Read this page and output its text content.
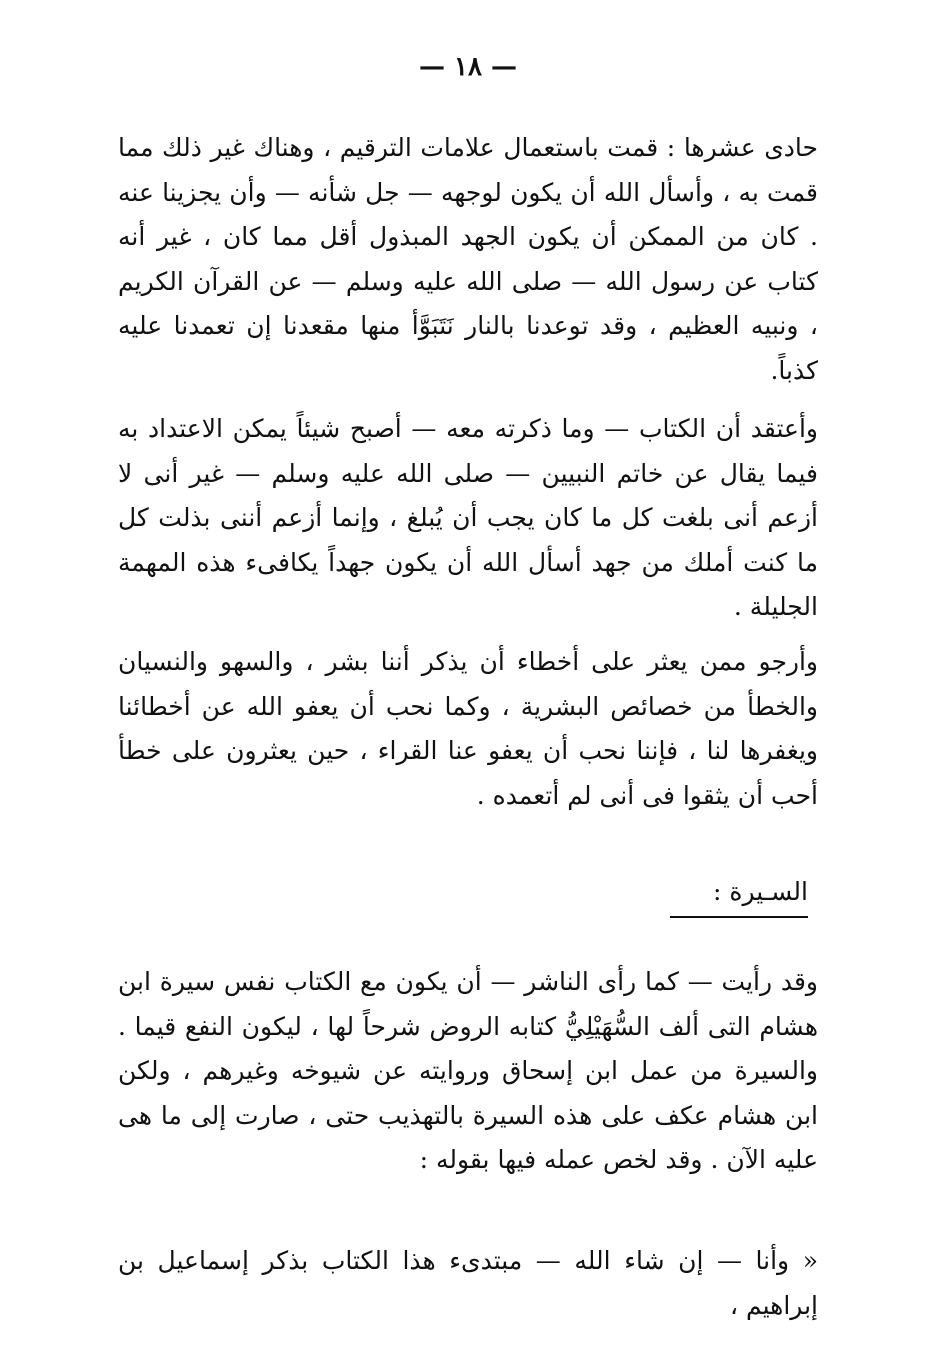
— ١٨ —

حادى عشرها : قمت باستعمال علامات الترقيم ، وهناك غير ذلك مما قمت به ، وأسأل الله أن يكون لوجهه — جل شأنه — وأن يجزينا عنه . كان من الممكن أن يكون الجهد المبذول أقل مما كان ، غير أنه كتاب عن رسول الله — صلى الله عليه وسلم — عن القرآن الكريم ، ونبيه العظيم ، وقد توعدنا بالنار نَتَبَوَّأ منها مقعدنا إن تعمدنا عليه كذباً.

وأعتقد أن الكتاب — وما ذكرته معه — أصبح شيئاً يمكن الاعتداد به فيما يقال عن خاتم النبيين — صلى الله عليه وسلم — غير أنى لا أزعم أنى بلغت كل ما كان يجب أن يُبلغ ، وإنما أزعم أننى بذلت كل ما كنت أملك من جهد أسأل الله أن يكون جهداً يكافىء هذه المهمة الجليلة .

وأرجو ممن يعثر على أخطاء أن يذكر أننا بشر ، والسهو والنسيان والخطأ من خصائص البشرية ، وكما نحب أن يعفو الله عن أخطائنا ويغفرها لنا ، فإننا نحب أن يعفو عنا القراء ، حين يعثرون على خطأ أحب أن يثقوا فى أنى لم أتعمده .

السـيرة :

وقد رأيت — كما رأى الناشر — أن يكون مع الكتاب نفس سيرة ابن هشام التى ألف السُّهَيْلِيُّ كتابه الروض شرحاً لها ، ليكون النفع قيما . والسيرة من عمل ابن إسحاق وروايته عن شيوخه وغيرهم ، ولكن ابن هشام عكف على هذه السيرة بالتهذيب حتى ، صارت إلى ما هى عليه الآن . وقد لخص عمله فيها بقوله :

« وأنا — إن شاء الله — مبتدىء هذا الكتاب بذكر إسماعيل بن إبراهيم ،
